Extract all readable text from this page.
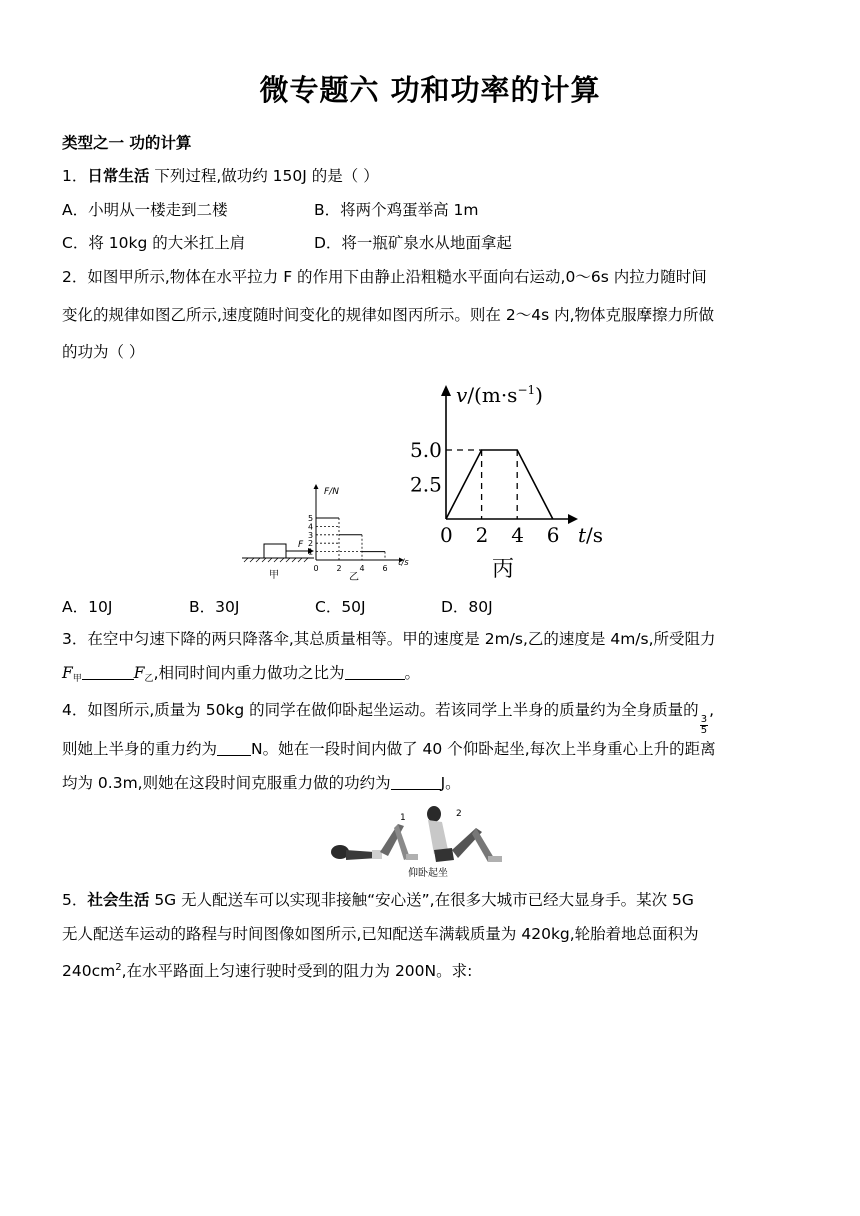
微专题六 功和功率的计算
类型之一 功的计算
1．日常生活 下列过程,做功约 150J 的是（ ）
A．小明从一楼走到二楼	B．将两个鸡蛋举高 1m
C．将 10kg 的大米扛上肩	D．将一瓶矿泉水从地面拿起
2．如图甲所示,物体在水平拉力 F 的作用下由静止沿粗糙水平面向右运动,0～6s 内拉力随时间
变化的规律如图乙所示,速度随时间变化的规律如图丙所示。则在 2～4s 内,物体克服摩擦力所做
的功为（ ）
F
甲
1
2
3
4
5
0 2 4 6
F/N
t/s
乙
2.5
5.0
0 2 4 6
$v/(m\cdot s^{-1})$
t/s
丙
A．10J	B．30J	C．50J	D．80J
3．在空中匀速下降的两只降落伞,其总质量相等。甲的速度是 2m/s,乙的速度是 4m/s,所受阻力
$F_甲$	$F_乙$,相同时间内重力做功之比为	。
4．如图所示,质量为 50kg 的同学在做仰卧起坐运动。若该同学上半身的质量约为全身质量的
$\frac{3}{5}$
,
则她上半身的重力约为 N。她在一段时间内做了 40 个仰卧起坐,每次上半身重心上升的距离
均为 0.3m,则她在这段时间克服重力做的功约为	J。
1	2
仰卧起坐
5．社会生活 5G 无人配送车可以实现非接触“安心送”,在很多大城市已经大显身手。某次 5G
无人配送车运动的路程与时间图像如图所示,已知配送车满载质量为 420kg,轮胎着地总面积为
$240cm^2$,在水平路面上匀速行驶时受到的阻力为 200N。求:
